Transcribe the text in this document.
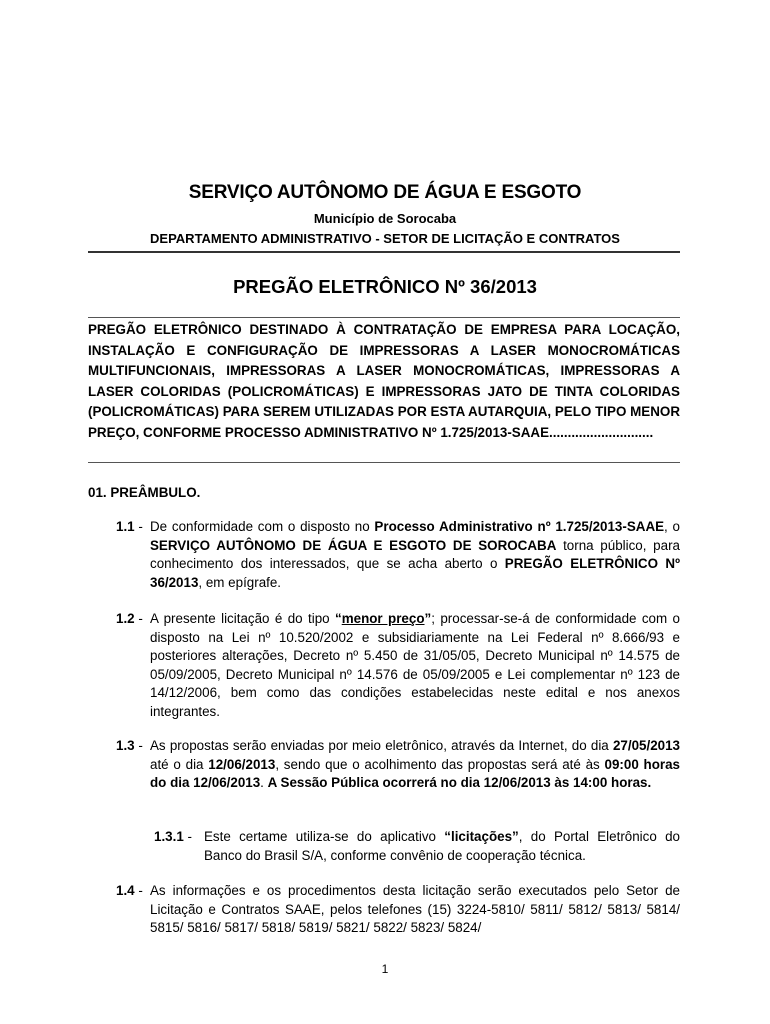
SERVIÇO AUTÔNOMO DE ÁGUA E ESGOTO
Município de Sorocaba
DEPARTAMENTO ADMINISTRATIVO - SETOR DE LICITAÇÃO E CONTRATOS
PREGÃO ELETRÔNICO Nº 36/2013
PREGÃO ELETRÔNICO DESTINADO À CONTRATAÇÃO DE EMPRESA PARA LOCAÇÃO, INSTALAÇÃO E CONFIGURAÇÃO DE IMPRESSORAS A LASER MONOCROMÁTICAS MULTIFUNCIONAIS, IMPRESSORAS A LASER MONOCROMÁTICAS, IMPRESSORAS A LASER COLORIDAS (POLICROMÁTICAS) E IMPRESSORAS JATO DE TINTA COLORIDAS (POLICROMÁTICAS) PARA SEREM UTILIZADAS POR ESTA AUTARQUIA, PELO TIPO MENOR PREÇO, CONFORME PROCESSO ADMINISTRATIVO Nº 1.725/2013-SAAE............................
01. PREÂMBULO.
1.1 - De conformidade com o disposto no Processo Administrativo nº 1.725/2013-SAAE, o SERVIÇO AUTÔNOMO DE ÁGUA E ESGOTO DE SOROCABA torna público, para conhecimento dos interessados, que se acha aberto o PREGÃO ELETRÔNICO Nº 36/2013, em epígrafe.
1.2 - A presente licitação é do tipo “menor preço”; processar-se-á de conformidade com o disposto na Lei nº 10.520/2002 e subsidiariamente na Lei Federal nº 8.666/93 e posteriores alterações, Decreto nº 5.450 de 31/05/05, Decreto Municipal nº 14.575 de 05/09/2005, Decreto Municipal nº 14.576 de 05/09/2005 e Lei complementar nº 123 de 14/12/2006, bem como das condições estabelecidas neste edital e nos anexos integrantes.
1.3 - As propostas serão enviadas por meio eletrônico, através da Internet, do dia 27/05/2013 até o dia 12/06/2013, sendo que o acolhimento das propostas será até às 09:00 horas do dia 12/06/2013. A Sessão Pública ocorrerá no dia 12/06/2013 às 14:00 horas.
1.3.1 - Este certame utiliza-se do aplicativo “licitações”, do Portal Eletrônico do Banco do Brasil S/A, conforme convênio de cooperação técnica.
1.4 - As informações e os procedimentos desta licitação serão executados pelo Setor de Licitação e Contratos SAAE, pelos telefones (15) 3224-5810/ 5811/ 5812/ 5813/ 5814/ 5815/ 5816/ 5817/ 5818/ 5819/ 5821/ 5822/ 5823/ 5824/
1
